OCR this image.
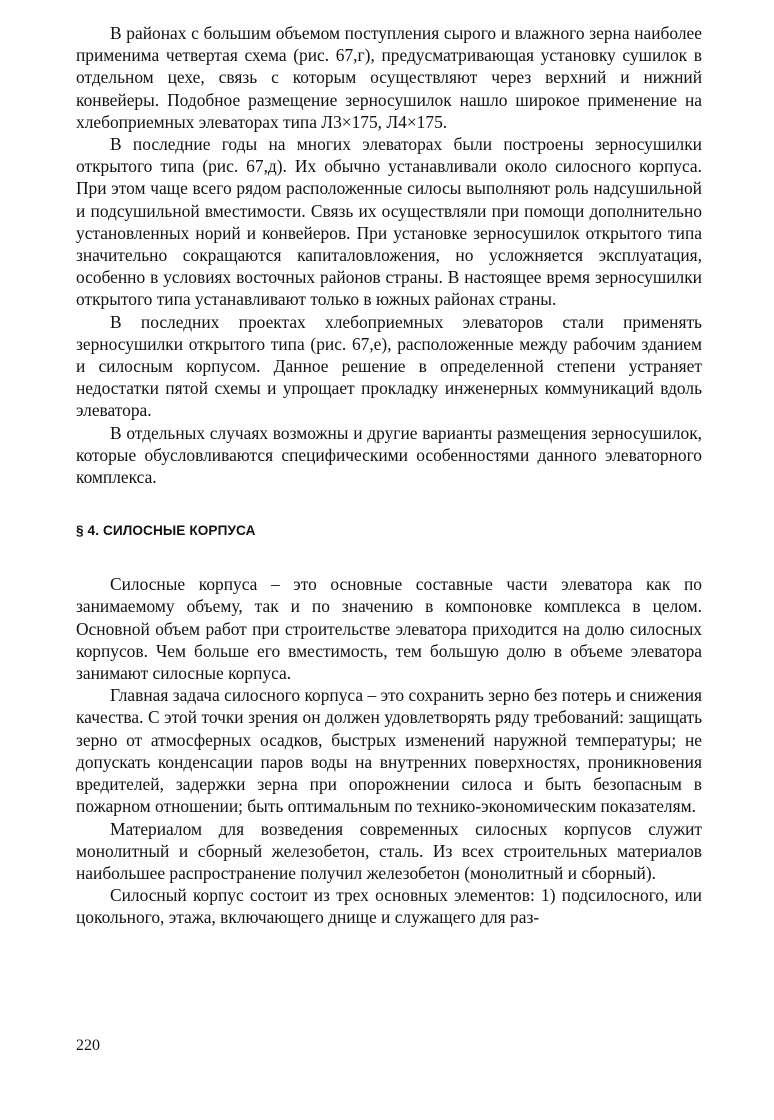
В районах с большим объемом поступления сырого и влажного зерна наиболее применима четвертая схема (рис. 67,г), предусматривающая установку сушилок в отдельном цехе, связь с которым осуществляют через верхний и нижний конвейеры. Подобное размещение зерносушилок нашло широкое применение на хлебоприемных элеваторах типа Л3×175, Л4×175.

В последние годы на многих элеваторах были построены зерносушилки открытого типа (рис. 67,д). Их обычно устанавливали около силосного корпуса. При этом чаще всего рядом расположенные силосы выполняют роль надсушильной и подсушильной вместимости. Связь их осуществляли при помощи дополнительно установленных норий и конвейеров. При установке зерносушилок открытого типа значительно сокращаются капиталовложения, но усложняется эксплуатация, особенно в условиях восточных районов страны. В настоящее время зерносушилки открытого типа устанавливают только в южных районах страны.

В последних проектах хлебоприемных элеваторов стали применять зерносушилки открытого типа (рис. 67,е), расположенные между рабочим зданием и силосным корпусом. Данное решение в определенной степени устраняет недостатки пятой схемы и упрощает прокладку инженерных коммуникаций вдоль элеватора.

В отдельных случаях возможны и другие варианты размещения зерносушилок, которые обусловливаются специфическими особенностями данного элеваторного комплекса.

§ 4. СИЛОСНЫЕ КОРПУСА

Силосные корпуса – это основные составные части элеватора как по занимаемому объему, так и по значению в компоновке комплекса в целом. Основной объем работ при строительстве элеватора приходится на долю силосных корпусов. Чем больше его вместимость, тем большую долю в объеме элеватора занимают силосные корпуса.

Главная задача силосного корпуса – это сохранить зерно без потерь и снижения качества. С этой точки зрения он должен удовлетворять ряду требований: защищать зерно от атмосферных осадков, быстрых изменений наружной температуры; не допускать конденсации паров воды на внутренних поверхностях, проникновения вредителей, задержки зерна при опорожнении силоса и быть безопасным в пожарном отношении; быть оптимальным по технико-экономическим показателям.

Материалом для возведения современных силосных корпусов служит монолитный и сборный железобетон, сталь. Из всех строительных материалов наибольшее распространение получил железобетон (монолитный и сборный).

Силосный корпус состоит из трех основных элементов: 1) подсилосного, или цокольного, этажа, включающего днище и служащего для раз-

220
